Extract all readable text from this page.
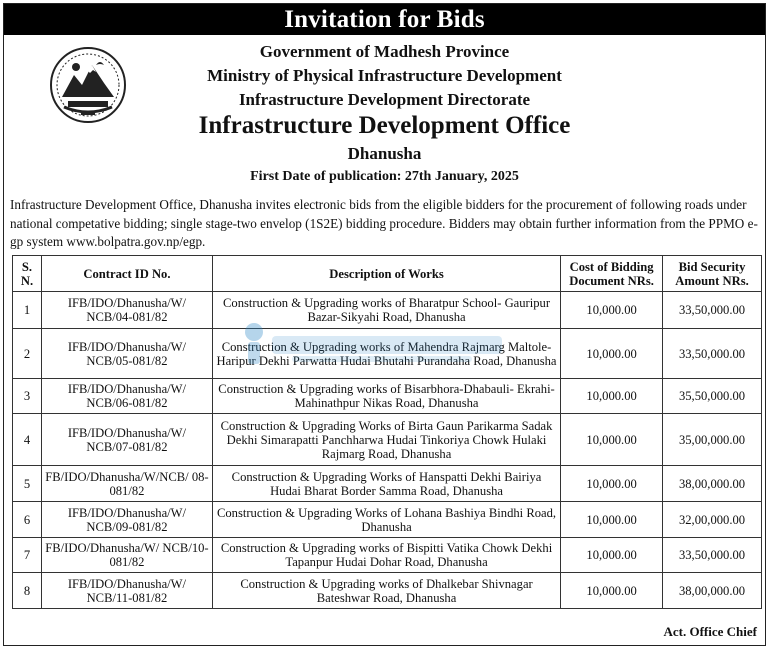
Invitation for Bids
Government of Madhesh Province
Ministry of Physical Infrastructure Development
Infrastructure Development Directorate
Infrastructure Development Office
Dhanusha
First Date of publication: 27th January, 2025
Infrastructure Development Office, Dhanusha invites electronic bids from the eligible bidders for the procurement of following roads under national competative bidding; single stage-two envelop (1S2E) bidding procedure. Bidders may obtain further information from the PPMO e-gp system www.bolpatra.gov.np/egp.
S. N.	Contract ID No.	Description of Works	Cost of Bidding Document NRs.	Bid Security Amount NRs.
1	IFB/IDO/Dhanusha/W/ NCB/04-081/82	Construction & Upgrading works of Bharatpur School- Gauripur Bazar-Sikyahi Road, Dhanusha	10,000.00	33,50,000.00
2	IFB/IDO/Dhanusha/W/ NCB/05-081/82	Construction & Upgrading works of Mahendra Rajmarg Maltole-Haripur Dekhi Parwatta Hudai Bhutahi Purandaha Road, Dhanusha	10,000.00	33,50,000.00
3	IFB/IDO/Dhanusha/W/ NCB/06-081/82	Construction & Upgrading works of Bisarbhora-Dhabauli- Ekrahi-Mahinathpur Nikas Road, Dhanusha	10,000.00	35,50,000.00
4	IFB/IDO/Dhanusha/W/ NCB/07-081/82	Construction & Upgrading Works of Birta Gaun Parikarma Sadak Dekhi Simarapatti Panchharwa Hudai Tinkoriya Chowk Hulaki Rajmarg Road, Dhanusha	10,000.00	35,00,000.00
5	FB/IDO/Dhanusha/W/NCB/ 08-081/82	Construction & Upgrading Works of Hanspatti Dekhi Bairiya Hudai Bharat Border Samma Road, Dhanusha	10,000.00	38,00,000.00
6	IFB/IDO/Dhanusha/W/ NCB/09-081/82	Construction & Upgrading Works of Lohana Bashiya Bindhi Road, Dhanusha	10,000.00	32,00,000.00
7	FB/IDO/Dhanusha/W/ NCB/10-081/82	Construction & Upgrading works of Bispitti Vatika Chowk Dekhi Tapanpur Hudai Dohar Road, Dhanusha	10,000.00	33,50,000.00
8	IFB/IDO/Dhanusha/W/ NCB/11-081/82	Construction & Upgrading works of Dhalkebar Shivnagar Bateshwar Road, Dhanusha	10,000.00	38,00,000.00
Act. Office Chief
